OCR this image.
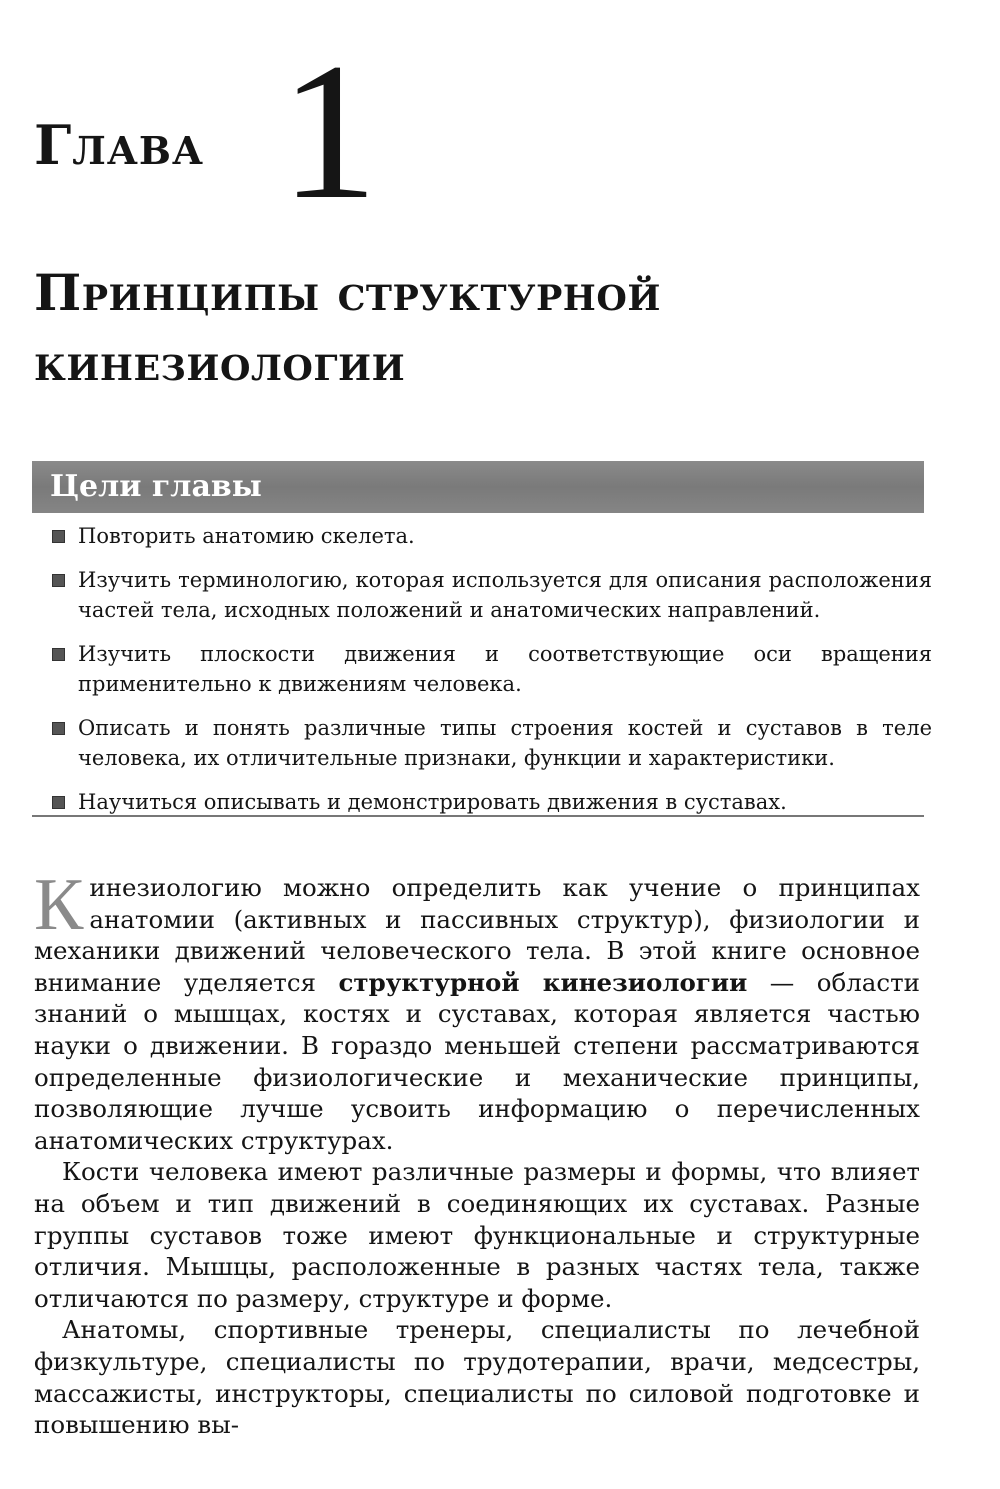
Глава 1
Принципы структурной кинезиологии
Цели главы
Повторить анатомию скелета.
Изучить терминологию, которая используется для описания расположения частей тела, исходных положений и анатомических направлений.
Изучить плоскости движения и соответствующие оси вращения применительно к движениям человека.
Описать и понять различные типы строения костей и суставов в теле человека, их отличительные признаки, функции и характеристики.
Научиться описывать и демонстрировать движения в суставах.

Кинезиологию можно определить как учение о принципах анатомии (активных и пассивных структур), физиологии и механики движений человеческого тела. В этой книге основное внимание уделяется структурной кинезиологии — области знаний о мышцах, костях и суставах, которая является частью науки о движении. В гораздо меньшей степени рассматриваются определенные физиологические и механические принципы, позволяющие лучше усвоить информацию о перечисленных анатомических структурах.

Кости человека имеют различные размеры и формы, что влияет на объем и тип движений в соединяющих их суставах. Разные группы суставов тоже имеют функциональные и структурные отличия. Мышцы, расположенные в разных частях тела, также отличаются по размеру, структуре и форме.

Анатомы, спортивные тренеры, специалисты по лечебной физкультуре, специалисты по трудотерапии, врачи, медсестры, массажисты, инструкторы, специалисты по силовой подготовке и повышению вы-
